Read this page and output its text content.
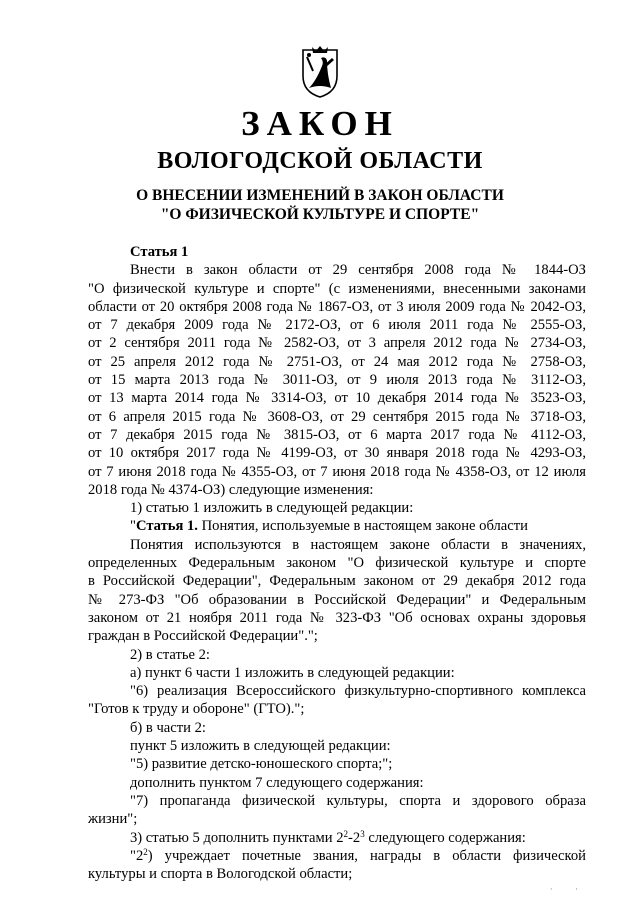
ЗАКОН
ВОЛОГОДСКОЙ ОБЛАСТИ
О ВНЕСЕНИИ ИЗМЕНЕНИЙ В ЗАКОН ОБЛАСТИ
"О ФИЗИЧЕСКОЙ КУЛЬТУРЕ И СПОРТЕ"

Статья 1

Внести в закон области от 29 сентября 2008 года № 1844-ОЗ

"О физической культуре и спорте" (с изменениями, внесенными законами

области от 20 октября 2008 года № 1867-ОЗ, от 3 июля 2009 года № 2042-ОЗ,

от 7 декабря 2009 года № 2172-ОЗ, от 6 июля 2011 года № 2555-ОЗ,

от 2 сентября 2011 года № 2582-ОЗ, от 3 апреля 2012 года № 2734-ОЗ,

от 25 апреля 2012 года № 2751-ОЗ, от 24 мая 2012 года № 2758-ОЗ,

от 15 марта 2013 года № 3011-ОЗ, от 9 июля 2013 года № 3112-ОЗ,

от 13 марта 2014 года № 3314-ОЗ, от 10 декабря 2014 года № 3523-ОЗ,

от 6 апреля 2015 года № 3608-ОЗ, от 29 сентября 2015 года № 3718-ОЗ,

от 7 декабря 2015 года № 3815-ОЗ, от 6 марта 2017 года № 4112-ОЗ,

от 10 октября 2017 года № 4199-ОЗ, от 30 января 2018 года № 4293-ОЗ,

от 7 июня 2018 года № 4355-ОЗ, от 7 июня 2018 года № 4358-ОЗ, от 12 июля

2018 года № 4374-ОЗ) следующие изменения:

1) статью 1 изложить в следующей редакции:

"Статья 1. Понятия, используемые в настоящем законе области

Понятия используются в настоящем законе области в значениях,

определенных Федеральным законом "О физической культуре и спорте

в Российской Федерации", Федеральным законом от 29 декабря 2012 года

№ 273-ФЗ "Об образовании в Российской Федерации" и Федеральным

законом от 21 ноября 2011 года № 323-ФЗ "Об основах охраны здоровья

граждан в Российской Федерации".";

2) в статье 2:

а) пункт 6 части 1 изложить в следующей редакции:

"6) реализация Всероссийского физкультурно-спортивного комплекса

"Готов к труду и обороне" (ГТО).";

б) в части 2:

пункт 5 изложить в следующей редакции:

"5) развитие детско-юношеского спорта;";

дополнить пунктом 7 следующего содержания:

"7) пропаганда физической культуры, спорта и здорового образа

жизни";

3) статью 5 дополнить пунктами $2^2-2^3$ следующего содержания:

"$2^2$) учреждает почетные звания, награды в области физической

культуры и спорта в Вологодской области;

· ·
